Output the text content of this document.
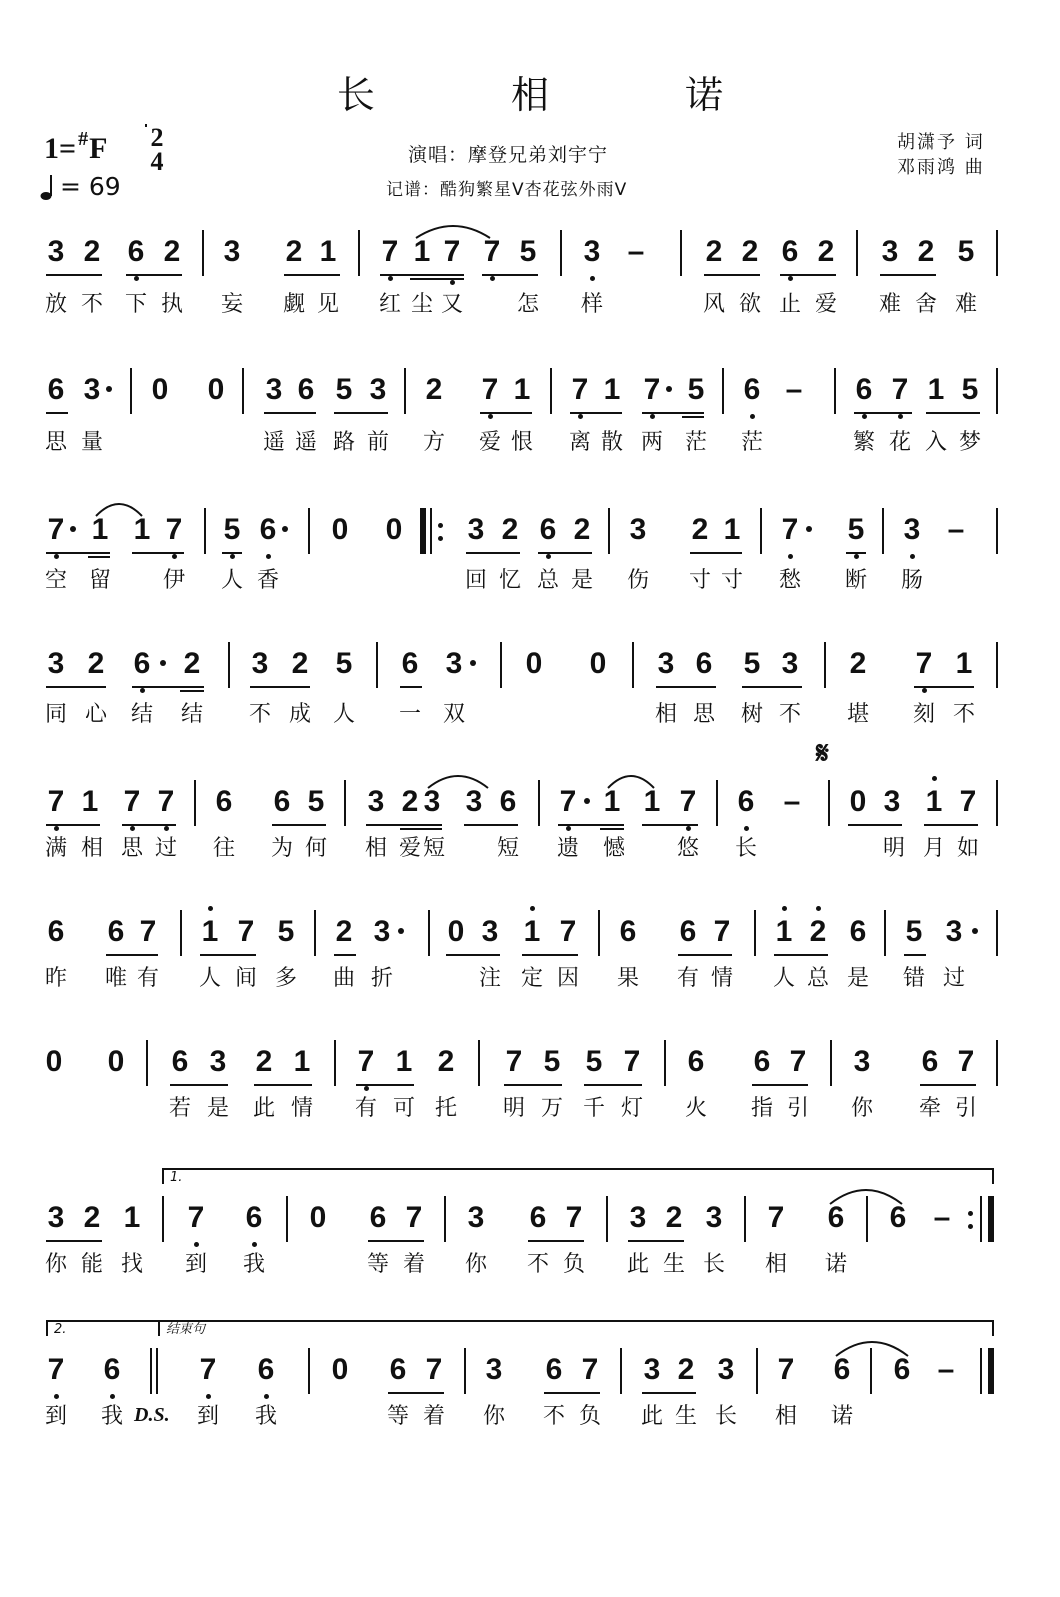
长 相 诺
1= # F 2
4
= 69
演唱：摩登兄弟刘宇宁
记谱：酷狗繁星V杏花弦外雨V
胡潇予 词
邓雨鸿 曲
3 2 6 2 3 2 1 7 1 7 7 5 3 – 2 2 6 2 3 2 5
放 不 下 执 妄 觑 见 红 尘 又 怎 样	风 欲 止 爱 难 舍 难
6 3 0 0 3 6 5 3 2 7 1 7 1 7 5 6 – 6 7 1 5
思 量	遥 遥 路 前 方 爱 恨 离 散 两 茫 茫	繁 花 入 梦
7 1 1 7 5 6 0 0 3 2 6 2 3 2 1 7 5 3 –
空 留 伊 人 香	回 忆 总 是 伤 寸 寸 愁 断 肠
3 2 6 2 3 2 5 6 3 0 0 3 6 5 3 2 7 1
同 心 结 结 不 成 人 一 双	相 思 树 不 堪 刻 不
𝄋
7 1 7 7 6 6 5 3 2 3 3 6 7 1 1 7 6 – 0 3 1 7
满 相 思 过 往 为 何 相 爱 短 短 遗 憾 悠 长	明 月 如
6 6 7 1 7 5 2 3 0 3 1 7 6 6 7 1 2 6 5 3
昨 唯 有 人 间 多 曲 折	注 定 因 果 有 情 人 总 是 错 过
0 0 6 3 2 1 7 1 2 7 5 5 7 6 6 7 3 6 7
若 是 此 情 有 可 托 明 万 千 灯 火 指 引 你 牵 引
1.
3 2 1 7 6 0 6 7 3 6 7 3 2 3 7 6 6 –
你 能 找 到 我	等 着 你 不 负 此 生 长 相 诺
2.	结束句
7 6	7 6 0 6 7 3 6 7 3 2 3 7 6 6 –
到 我	到 我	等 着 你 不 负 此 生 长 相 诺
D.S.
